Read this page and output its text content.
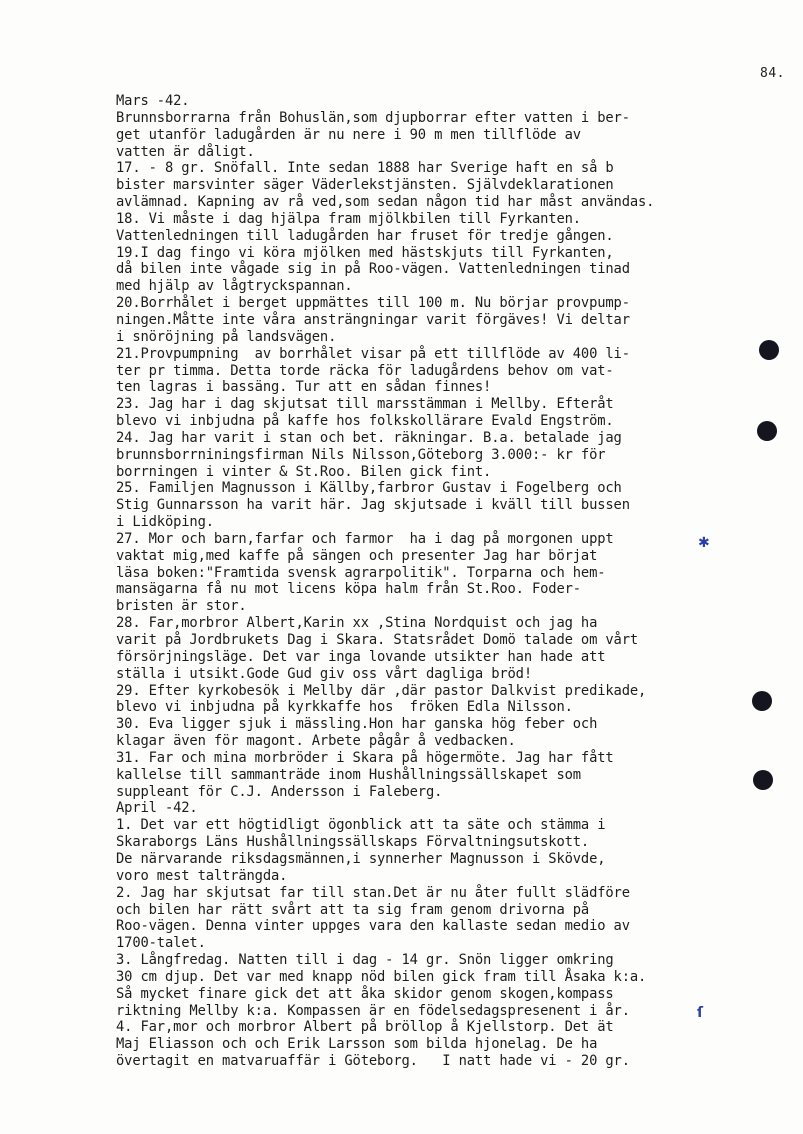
84.
Mars -42.
Brunnsborrarna från Bohuslän,som djupborrar efter vatten i ber-
get utanför ladugården är nu nere i 90 m men tillflöde av
vatten är dåligt.
17. - 8 gr. Snöfall. Inte sedan 1888 har Sverige haft en så b
bister marsvinter säger Väderlekstjänsten. Självdeklarationen
avlämnad. Kapning av rå ved,som sedan någon tid har måst användas.
18. Vi måste i dag hjälpa fram mjölkbilen till Fyrkanten.
Vattenledningen till ladugården har fruset för tredje gången.
19.I dag fingo vi köra mjölken med hästskjuts till Fyrkanten,
då bilen inte vågade sig in på Roo-vägen. Vattenledningen tinad
med hjälp av lågtryckspannan.
20.Borrhålet i berget uppmättes till 100 m. Nu börjar provpump-
ningen.Måtte inte våra ansträngningar varit förgäves! Vi deltar
i snöröjning på landsvägen.
21.Provpumpning  av borrhålet visar på ett tillflöde av 400 li-
ter pr timma. Detta torde räcka för ladugårdens behov om vat-
ten lagras i bassäng. Tur att en sådan finnes!
23. Jag har i dag skjutsat till marsstämman i Mellby. Efteråt
blevo vi inbjudna på kaffe hos folkskollärare Evald Engström.
24. Jag har varit i stan och bet. räkningar. B.a. betalade jag
brunnsborrniningsfirman Nils Nilsson,Göteborg 3.000:- kr för
borrningen i vinter & St.Roo. Bilen gick fint.
25. Familjen Magnusson i Källby,farbror Gustav i Fogelberg och
Stig Gunnarsson ha varit här. Jag skjutsade i kväll till bussen
i Lidköping.
27. Mor och barn,farfar och farmor  ha i dag på morgonen uppt
vaktat mig,med kaffe på sängen och presenter Jag har börjat
läsa boken:"Framtida svensk agrarpolitik". Torparna och hem-
mansägarna få nu mot licens köpa halm från St.Roo. Foder-
bristen är stor.
28. Far,morbror Albert,Karin xx ,Stina Nordquist och jag ha
varit på Jordbrukets Dag i Skara. Statsrådet Domö talade om vårt
försörjningsläge. Det var inga lovande utsikter han hade att
ställa i utsikt.Gode Gud giv oss vårt dagliga bröd!
29. Efter kyrkobesök i Mellby där ,där pastor Dalkvist predikade,
blevo vi inbjudna på kyrkkaffe hos  fröken Edla Nilsson.
30. Eva ligger sjuk i mässling.Hon har ganska hög feber och
klagar även för magont. Arbete pågår å vedbacken.
31. Far och mina morbröder i Skara på högermöte. Jag har fått
kallelse till sammanträde inom Hushållningssällskapet som
suppleant för C.J. Andersson i Faleberg.
April -42.
1. Det var ett högtidligt ögonblick att ta säte och stämma i
Skaraborgs Läns Hushållningssällskaps Förvaltningsutskott.
De närvarande riksdagsmännen,i synnerher Magnusson i Skövde,
voro mest talträngda.
2. Jag har skjutsat far till stan.Det är nu åter fullt slädföre
och bilen har rätt svårt att ta sig fram genom drivorna på
Roo-vägen. Denna vinter uppges vara den kallaste sedan medio av
1700-talet.
3. Långfredag. Natten till i dag - 14 gr. Snön ligger omkring
30 cm djup. Det var med knapp nöd bilen gick fram till Åsaka k:a.
Så mycket finare gick det att åka skidor genom skogen,kompass
riktning Mellby k:a. Kompassen är en födelsedagspresenent i år.
4. Far,mor och morbror Albert på bröllop å Kjellstorp. Det ät
Maj Eliasson och och Erik Larsson som bilda hjonelag. De ha
övertagit en matvaruaffär i Göteborg.   I natt hade vi - 20 gr.
✱
ſ
